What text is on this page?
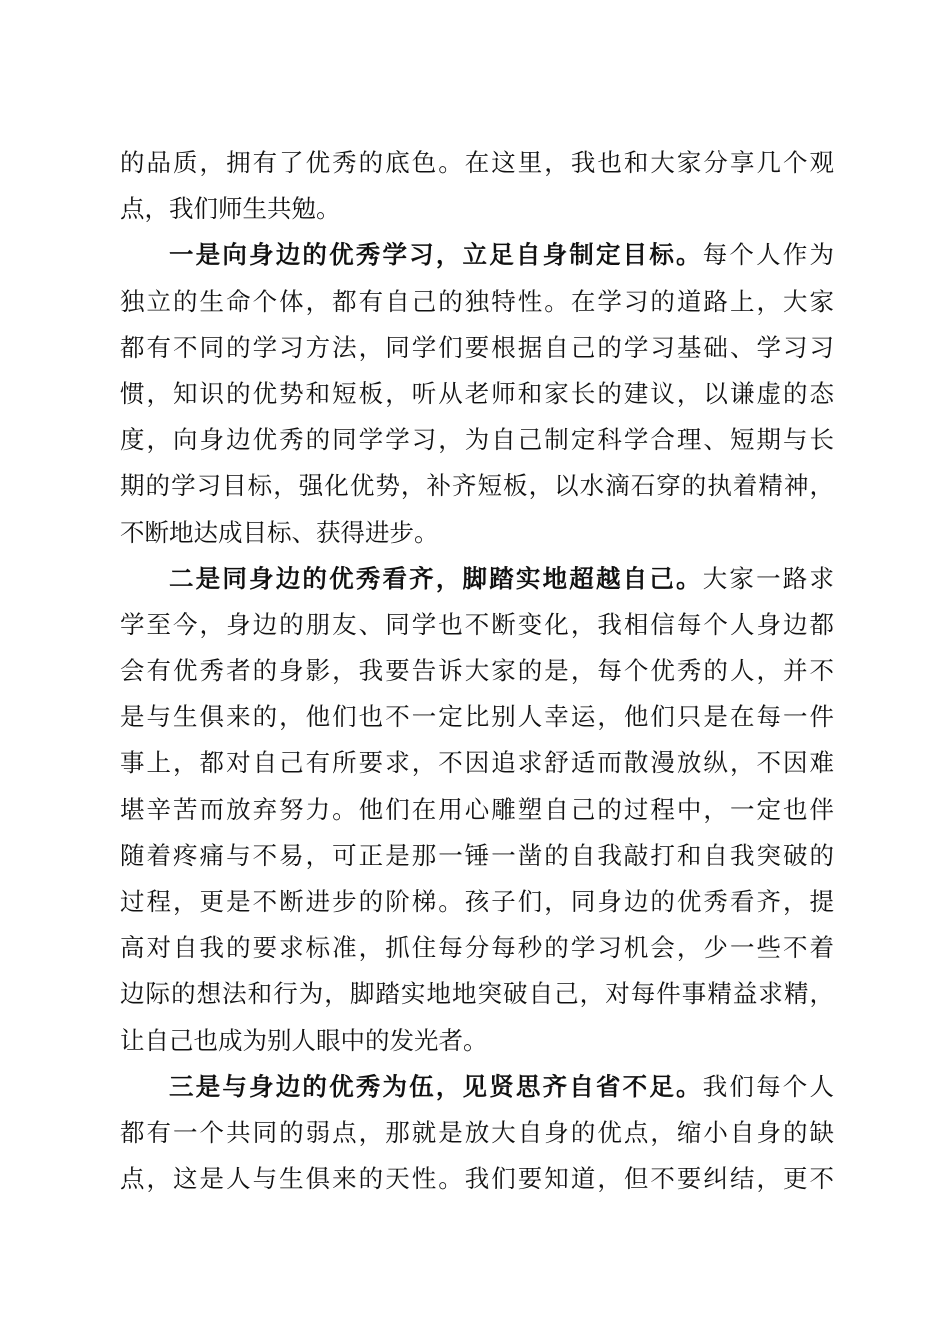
的品质，拥有了优秀的底色。在这里，我也和大家分享几个观
点，我们师生共勉。
一是向身边的优秀学习，立足自身制定目标。每个人作为
独立的生命个体，都有自己的独特性。在学习的道路上，大家
都有不同的学习方法，同学们要根据自己的学习基础、学习习
惯，知识的优势和短板，听从老师和家长的建议，以谦虚的态
度，向身边优秀的同学学习，为自己制定科学合理、短期与长
期的学习目标，强化优势，补齐短板，以水滴石穿的执着精神，
不断地达成目标、获得进步。
二是同身边的优秀看齐，脚踏实地超越自己。大家一路求
学至今，身边的朋友、同学也不断变化，我相信每个人身边都
会有优秀者的身影，我要告诉大家的是，每个优秀的人，并不
是与生俱来的，他们也不一定比别人幸运，他们只是在每一件
事上，都对自己有所要求，不因追求舒适而散漫放纵，不因难
堪辛苦而放弃努力。他们在用心雕塑自己的过程中，一定也伴
随着疼痛与不易，可正是那一锤一凿的自我敲打和自我突破的
过程，更是不断进步的阶梯。孩子们，同身边的优秀看齐，提
高对自我的要求标准，抓住每分每秒的学习机会，少一些不着
边际的想法和行为，脚踏实地地突破自己，对每件事精益求精，
让自己也成为别人眼中的发光者。
三是与身边的优秀为伍，见贤思齐自省不足。我们每个人
都有一个共同的弱点，那就是放大自身的优点，缩小自身的缺
点，这是人与生俱来的天性。我们要知道，但不要纠结，更不
